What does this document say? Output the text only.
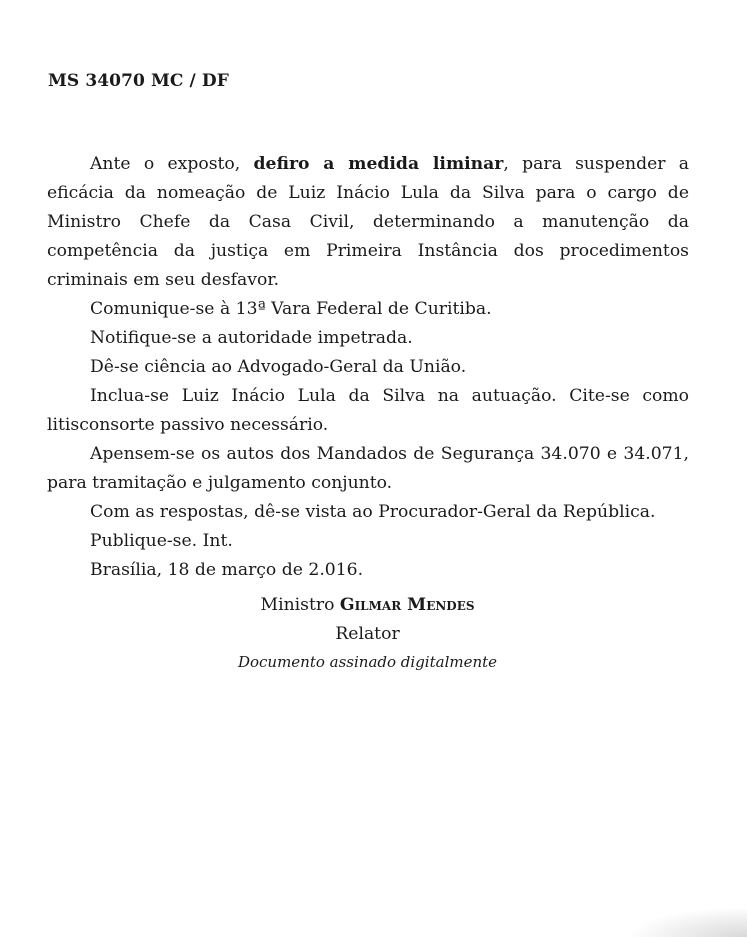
MS 34070 MC / DF

Ante o exposto, defiro a medida liminar, para suspender a eficácia da nomeação de Luiz Inácio Lula da Silva para o cargo de Ministro Chefe da Casa Civil, determinando a manutenção da competência da justiça em Primeira Instância dos procedimentos criminais em seu desfavor.

Comunique-se à 13ª Vara Federal de Curitiba.

Notifique-se a autoridade impetrada.

Dê-se ciência ao Advogado-Geral da União.

Inclua-se Luiz Inácio Lula da Silva na autuação. Cite-se como litisconsorte passivo necessário.

Apensem-se os autos dos Mandados de Segurança 34.070 e 34.071, para tramitação e julgamento conjunto.

Com as respostas, dê-se vista ao Procurador-Geral da República.

Publique-se. Int.

Brasília, 18 de março de 2.016.

Ministro Gilmar Mendes
Relator
Documento assinado digitalmente
